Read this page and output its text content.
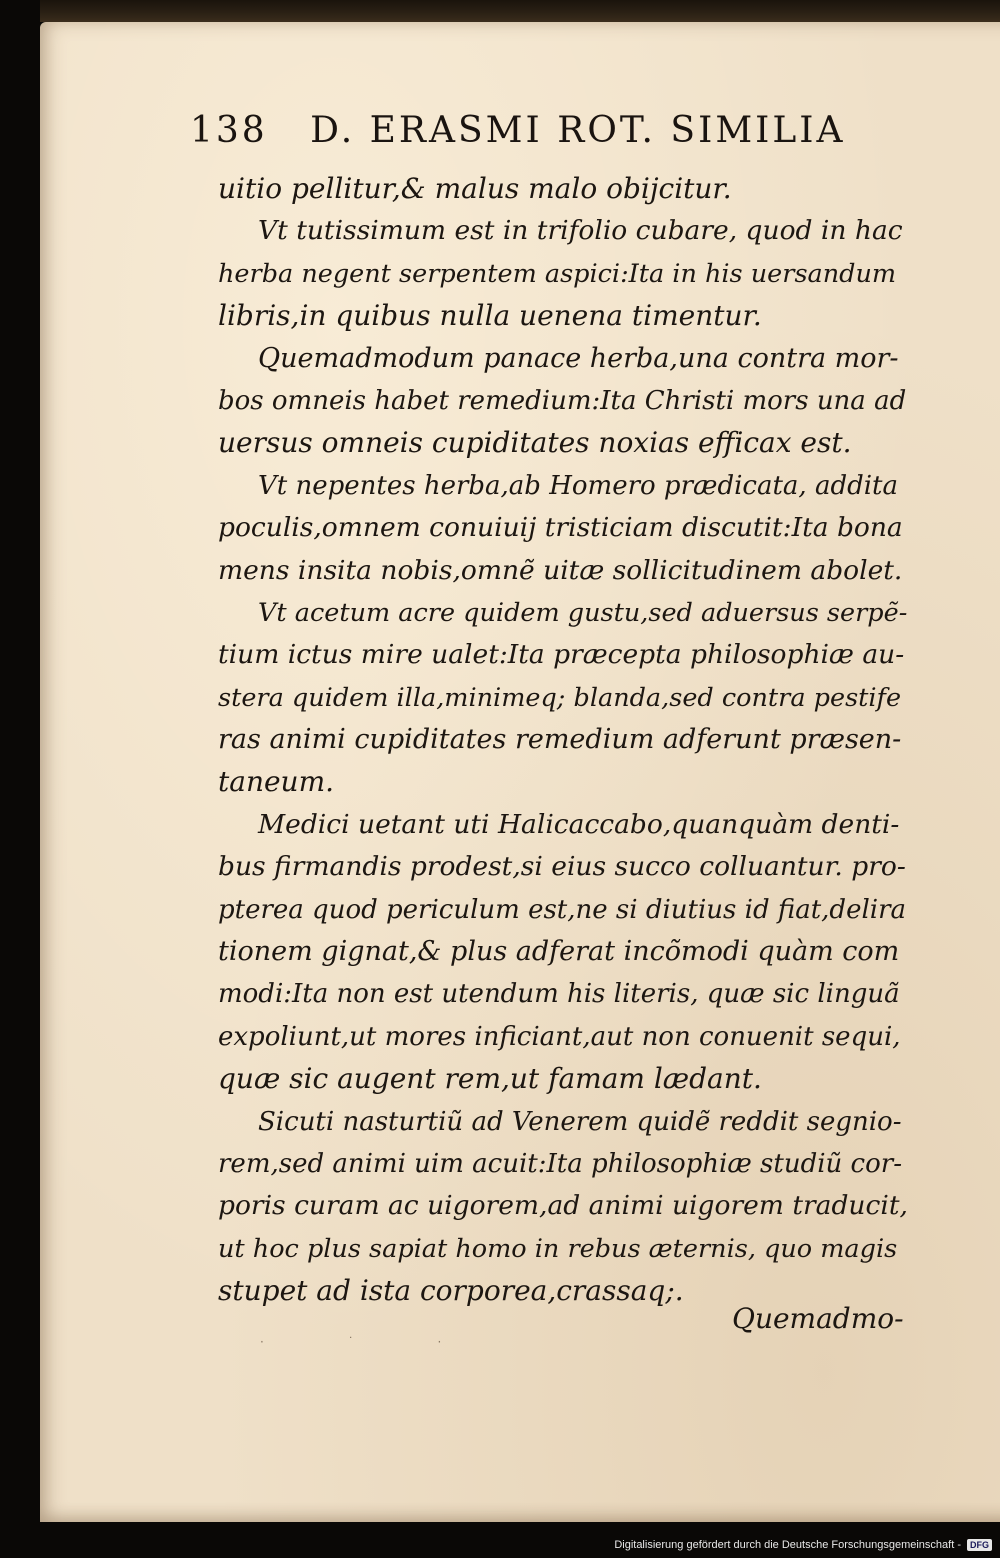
138 D. ERASMI ROT. SIMILIA
uitio pellitur,& malus malo obijcitur.
Vt tutissimum est in trifolio cubare, quod in hac
herba negent serpentem aspici:Ita in his uersandum
libris,in quibus nulla uenena timentur.
Quemadmodum panace herba,una contra mor-
bos omneis habet remedium:Ita Christi mors una ad
uersus omneis cupiditates noxias efficax est.
Vt nepentes herba,ab Homero prædicata, addita
poculis,omnem conuiuij tristiciam discutit:Ita bona
mens insita nobis,omnẽ uitæ sollicitudinem abolet.
Vt acetum acre quidem gustu,sed aduersus serpẽ-
tium ictus mire ualet:Ita præcepta philosophiæ au-
stera quidem illa,minimeq; blanda,sed contra pestife
ras animi cupiditates remedium adferunt præsen-
taneum.
Medici uetant uti Halicaccabo,quanquàm denti-
bus firmandis prodest,si eius succo colluantur. pro-
pterea quod periculum est,ne si diutius id fiat,delira
tionem gignat,& plus adferat incõmodi quàm com
modi:Ita non est utendum his literis, quæ sic linguã
expoliunt,ut mores inficiant,aut non conuenit sequi,
quæ sic augent rem,ut famam lædant.
Sicuti nasturtiũ ad Venerem quidẽ reddit segnio-
rem,sed animi uim acuit:Ita philosophiæ studiũ cor-
poris curam ac uigorem,ad animi uigorem traducit,
ut hoc plus sapiat homo in rebus æternis, quo magis
stupet ad ista corporea,crassaq;.
Quemadmo-
· ˙ ·
Digitalisierung gefördert durch die Deutsche Forschungsgemeinschaft -	DFG
